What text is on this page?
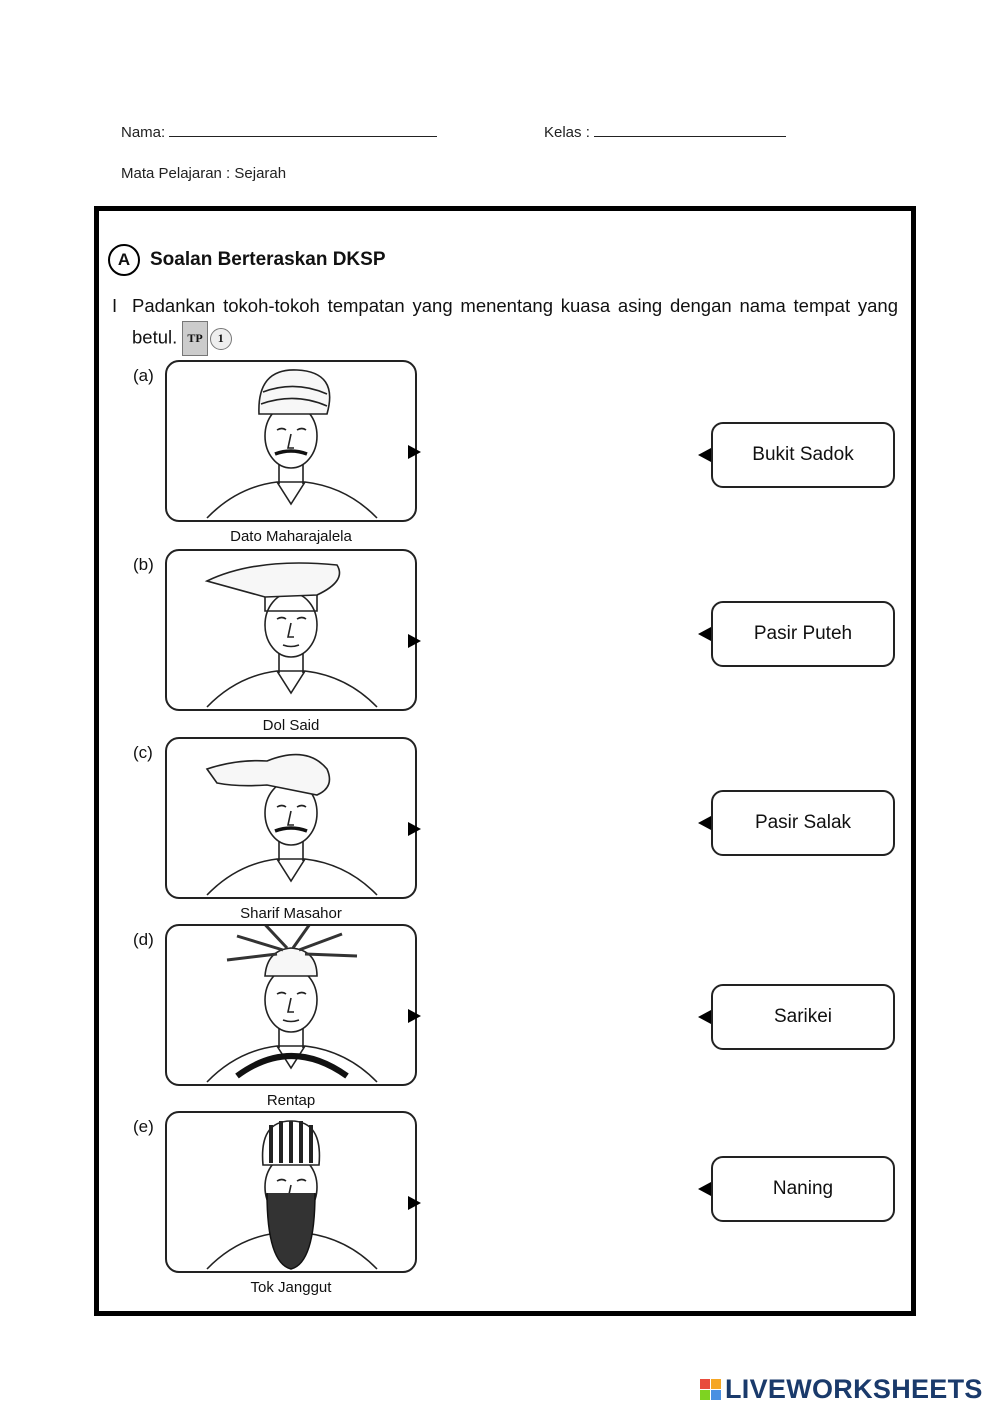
Nama:	Kelas :
Mata Pelajaran : Sejarah
A	Soalan Berteraskan DKSP
I Padankan tokoh-tokoh tempatan yang menentang kuasa asing dengan nama tempat yang betul. TP	1
(a)
Dato Maharajalela
Bukit Sadok
(b)
Dol Said
Pasir Puteh
(c)
Sharif Masahor
Pasir Salak
(d)
Rentap
Sarikei
(e)
Tok Janggut
Naning
LIVEWORKSHEETS
